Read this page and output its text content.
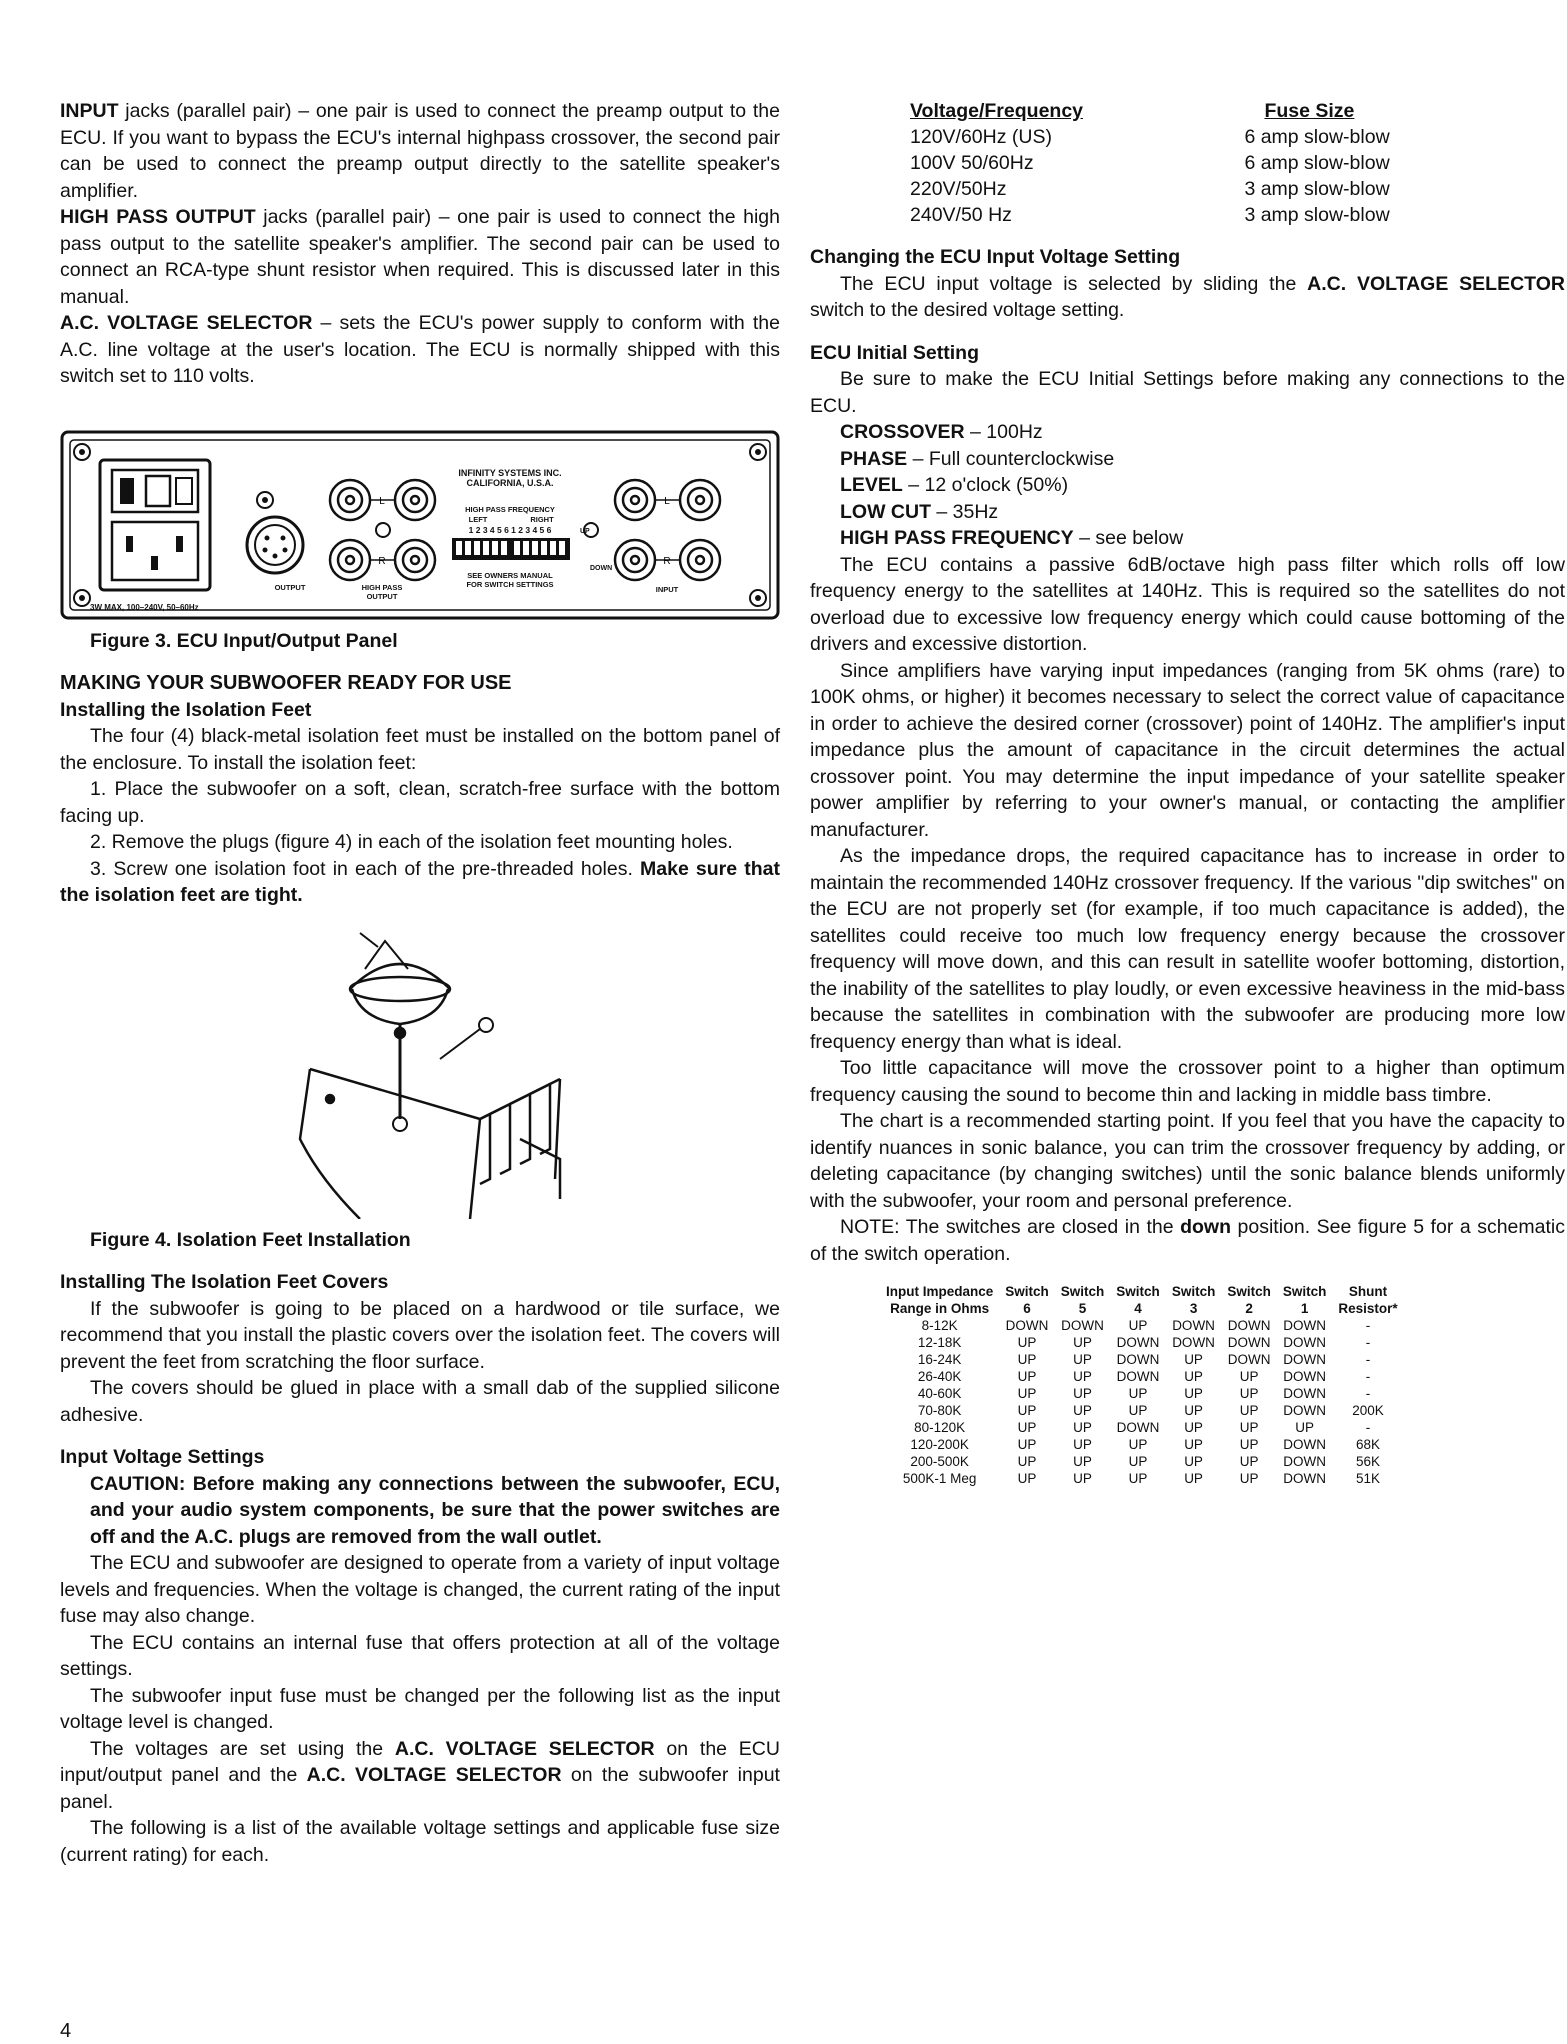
INPUT jacks (parallel pair) – one pair is used to connect the preamp output to the ECU. If you want to bypass the ECU's internal highpass crossover, the second pair can be used to connect the preamp output directly to the satellite speaker's amplifier.

HIGH PASS OUTPUT jacks (parallel pair) – one pair is used to connect the high pass output to the satellite speaker's amplifier. The second pair can be used to connect an RCA-type shunt resistor when required. This is discussed later in this manual.

A.C. VOLTAGE SELECTOR – sets the ECU's power supply to conform with the A.C. line voltage at the user's location. The ECU is normally shipped with this switch set to 110 volts.

L
R
L
R
INFINITY SYSTEMS INC.
CALIFORNIA, U.S.A.
HIGH PASS FREQUENCY
LEFT	RIGHT
1 2 3 4 5 6 1 2 3 4 5 6	UP
DOWN
SEE OWNERS MANUAL
FOR SWITCH SETTINGS
OUTPUT	HIGH PASS
OUTPUT
INPUT
3W MAX, 100–240V, 50–60Hz

Figure 3. ECU Input/Output Panel

MAKING YOUR SUBWOOFER READY FOR USE

Installing the Isolation Feet

The four (4) black-metal isolation feet must be installed on the bottom panel of the enclosure. To install the isolation feet:

1. Place the subwoofer on a soft, clean, scratch-free surface with the bottom facing up.

2. Remove the plugs (figure 4) in each of the isolation feet mounting holes.

3. Screw one isolation foot in each of the pre-threaded holes. Make sure that the isolation feet are tight.

Figure 4. Isolation Feet Installation

Installing The Isolation Feet Covers

If the subwoofer is going to be placed on a hardwood or tile surface, we recommend that you install the plastic covers over the isolation feet. The covers will prevent the feet from scratching the floor surface.

The covers should be glued in place with a small dab of the supplied silicone adhesive.

Input Voltage Settings

CAUTION: Before making any connections between the subwoofer, ECU, and your audio system components, be sure that the power switches are off and the A.C. plugs are removed from the wall outlet.

The ECU and subwoofer are designed to operate from a variety of input voltage levels and frequencies. When the voltage is changed, the current rating of the input fuse may also change.

The ECU contains an internal fuse that offers protection at all of the voltage settings.

The subwoofer input fuse must be changed per the following list as the input voltage level is changed.

The voltages are set using the A.C. VOLTAGE SELECTOR on the ECU input/output panel and the A.C. VOLTAGE SELECTOR on the subwoofer input panel.

The following is a list of the available voltage settings and applicable fuse size (current rating) for each.

Voltage/Frequency	Fuse Size
120V/60Hz (US)	6 amp slow-blow
100V 50/60Hz	6 amp slow-blow
220V/50Hz	3 amp slow-blow
240V/50 Hz	3 amp slow-blow

Changing the ECU Input Voltage Setting

The ECU input voltage is selected by sliding the A.C. VOLTAGE SELECTOR switch to the desired voltage setting.

ECU Initial Setting

Be sure to make the ECU Initial Settings before making any connections to the ECU.

CROSSOVER – 100Hz

PHASE – Full counterclockwise

LEVEL – 12 o'clock (50%)

LOW CUT – 35Hz

HIGH PASS FREQUENCY – see below

The ECU contains a passive 6dB/octave high pass filter which rolls off low frequency energy to the satellites at 140Hz. This is required so the satellites do not overload due to excessive low frequency energy which could cause bottoming of the drivers and excessive distortion.

Since amplifiers have varying input impedances (ranging from 5K ohms (rare) to 100K ohms, or higher) it becomes necessary to select the correct value of capacitance in order to achieve the desired corner (crossover) point of 140Hz. The amplifier's input impedance plus the amount of capacitance in the circuit determines the actual crossover point. You may determine the input impedance of your satellite speaker power amplifier by referring to your owner's manual, or contacting the amplifier manufacturer.

As the impedance drops, the required capacitance has to increase in order to maintain the recommended 140Hz crossover frequency. If the various "dip switches" on the ECU are not properly set (for example, if too much capacitance is added), the satellites could receive too much low frequency energy because the crossover frequency will move down, and this can result in satellite woofer bottoming, distortion, the inability of the satellites to play loudly, or even excessive heaviness in the mid-bass because the satellites in combination with the subwoofer are producing more low frequency energy than what is ideal.

Too little capacitance will move the crossover point to a higher than optimum frequency causing the sound to become thin and lacking in middle bass timbre.

The chart is a recommended starting point. If you feel that you have the capacity to identify nuances in sonic balance, you can trim the crossover frequency by adding, or deleting capacitance (by changing switches) until the sonic balance blends uniformly with the subwoofer, your room and personal preference.

NOTE: The switches are closed in the down position. See figure 5 for a schematic of the switch operation.

Input Impedance	Switch	Switch	Switch	Switch	Switch	Switch	Shunt
Range in Ohms	6	5	4	3	2	1	Resistor*
8-12K	DOWN	DOWN	UP	DOWN	DOWN	DOWN	-
12-18K	UP	UP	DOWN	DOWN	DOWN	DOWN	-
16-24K	UP	UP	DOWN	UP	DOWN	DOWN	-
26-40K	UP	UP	DOWN	UP	UP	DOWN	-
40-60K	UP	UP	UP	UP	UP	DOWN	-
70-80K	UP	UP	UP	UP	UP	DOWN	200K
80-120K	UP	UP	DOWN	UP	UP	UP	-
120-200K	UP	UP	UP	UP	UP	DOWN	68K
200-500K	UP	UP	UP	UP	UP	DOWN	56K
500K-1 Meg	UP	UP	UP	UP	UP	DOWN	51K
4
